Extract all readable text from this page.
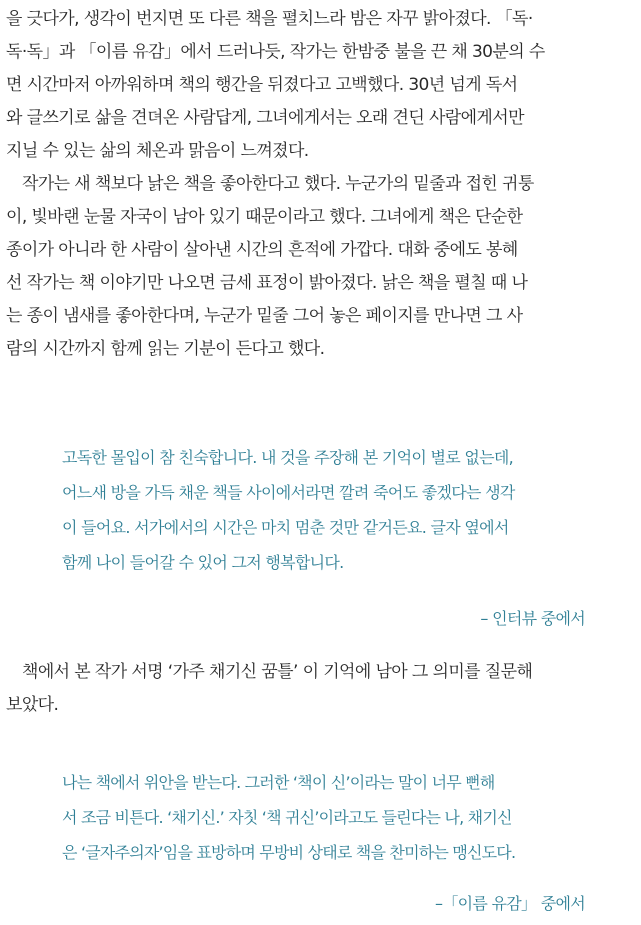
을 긋다가, 생각이 번지면 또 다른 책을 펼치느라 밤은 자꾸 밝아졌다. 「독·

독·독」과 「이름 유감」에서 드러나듯, 작가는 한밤중 불을 끈 채 30분의 수

면 시간마저 아까워하며 책의 행간을 뒤졌다고 고백했다. 30년 넘게 독서

와 글쓰기로 삶을 견뎌온 사람답게, 그녀에게서는 오래 견딘 사람에게서만

지닐 수 있는 삶의 체온과 맑음이 느껴졌다.

작가는 새 책보다 낡은 책을 좋아한다고 했다. 누군가의 밑줄과 접힌 귀퉁

이, 빛바랜 눈물 자국이 남아 있기 때문이라고 했다. 그녀에게 책은 단순한

종이가 아니라 한 사람이 살아낸 시간의 흔적에 가깝다. 대화 중에도 봉혜

선 작가는 책 이야기만 나오면 금세 표정이 밝아졌다. 낡은 책을 펼칠 때 나

는 종이 냄새를 좋아한다며, 누군가 밑줄 그어 놓은 페이지를 만나면 그 사

람의 시간까지 함께 읽는 기분이 든다고 했다.

고독한 몰입이 참 친숙합니다. 내 것을 주장해 본 기억이 별로 없는데,

어느새 방을 가득 채운 책들 사이에서라면 깔려 죽어도 좋겠다는 생각

이 들어요. 서가에서의 시간은 마치 멈춘 것만 같거든요. 글자 옆에서

함께 나이 들어갈 수 있어 그저 행복합니다.

– 인터뷰 중에서

책에서 본 작가 서명 ‘가주 채기신 꿈틀’ 이 기억에 남아 그 의미를 질문해

보았다.

나는 책에서 위안을 받는다. 그러한 ‘책이 신’이라는 말이 너무 뻔해

서 조금 비튼다. ‘채기신.’ 자칫 ‘책 귀신’이라고도 들린다는 나, 채기신

은 ‘글자주의자’임을 표방하며 무방비 상태로 책을 찬미하는 맹신도다.

–「이름 유감」 중에서
